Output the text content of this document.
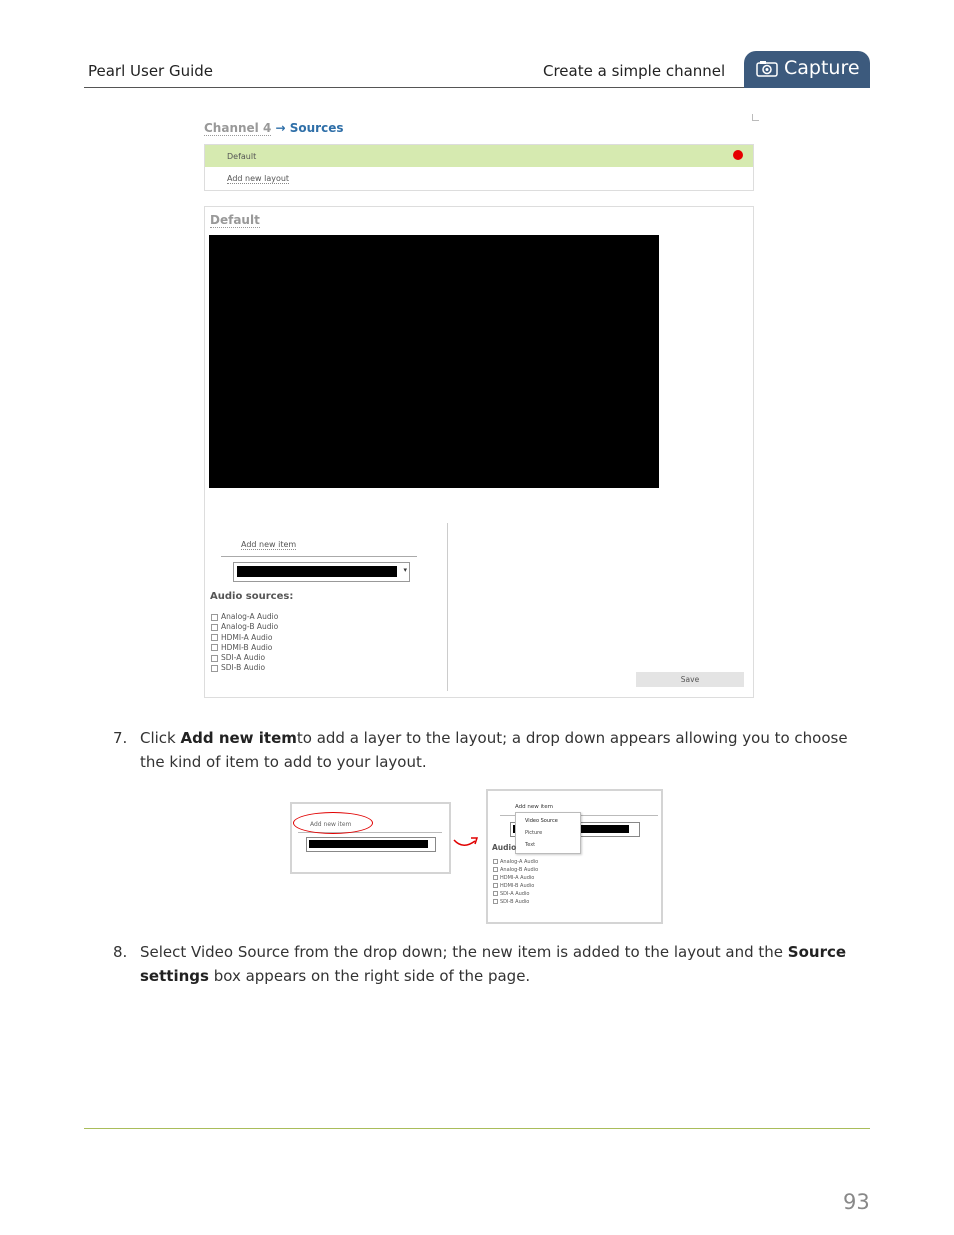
Pearl User Guide	Create a simple channel	Capture
Channel 4 → Sources
Default
Add new layout
Default
Add new item
▾
Audio sources:
Analog-A Audio
Analog-B Audio
HDMI-A Audio
HDMI-B Audio
SDI-A Audio
SDI-B Audio
Save
7. Click Add new itemto add a layer to the layout; a drop down appears allowing you to choose the kind of item to add to your layout.
Add new item
Add new item
Video Source
Picture
Text
Audio
Analog-A Audio
Analog-B Audio
HDMI-A Audio
HDMI-B Audio
SDI-A Audio
SDI-B Audio
8. Select Video Source from the drop down; the new item is added to the layout and the Source settings box appears on the right side of the page.
93
